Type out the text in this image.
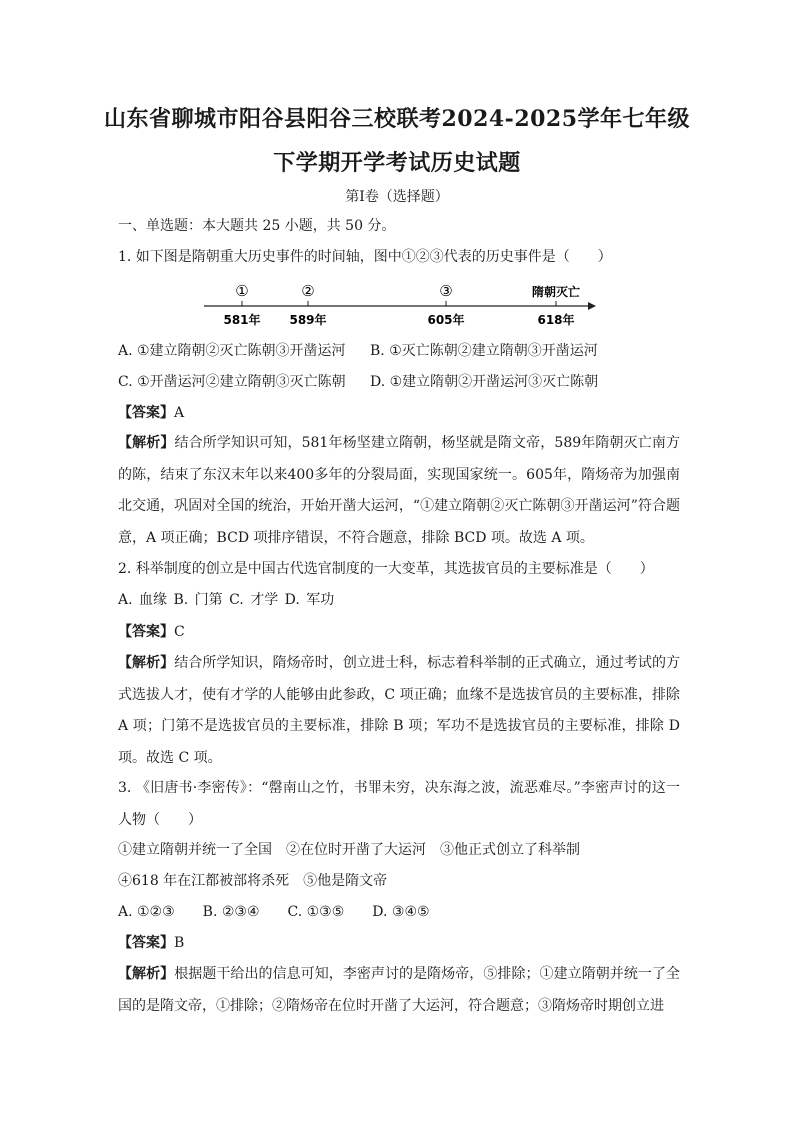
山东省聊城市阳谷县阳谷三校联考2024-2025学年七年级
下学期开学考试历史试题
第Ⅰ卷（选择题）
一、单选题：本大题共 25 小题，共 50 分。
1. 如下图是隋朝重大历史事件的时间轴，图中①②③代表的历史事件是（　　）
①	②	③	隋朝灭亡
581年 589年	605年	618年
A. ①建立隋朝②灭亡陈朝③开凿运河 B. ①灭亡陈朝②建立隋朝③开凿运河
C. ①开凿运河②建立隋朝③灭亡陈朝 D. ①建立隋朝②开凿运河③灭亡陈朝
【答案】A
【解析】结合所学知识可知，581年杨坚建立隋朝，杨坚就是隋文帝，589年隋朝灭亡南方的陈，结束了东汉末年以来400多年的分裂局面，实现国家统一。605年，隋炀帝为加强南北交通，巩固对全国的统治，开始开凿大运河，“①建立隋朝②灭亡陈朝③开凿运河”符合题意，A 项正确；BCD 项排序错误，不符合题意，排除 BCD 项。故选 A 项。
2. 科举制度的创立是中国古代选官制度的一大变革，其选拔官员的主要标准是（　　）
A. 血缘 B. 门第 C. 才学 D. 军功
【答案】C
【解析】结合所学知识，隋炀帝时，创立进士科，标志着科举制的正式确立，通过考试的方式选拔人才，使有才学的人能够由此参政，C 项正确；血缘不是选拔官员的主要标准，排除 A 项；门第不是选拔官员的主要标准，排除 B 项；军功不是选拔官员的主要标准，排除 D 项。故选 C 项。
3. 《旧唐书·李密传》：“罄南山之竹，书罪未穷，决东海之波，流恶难尽。”李密声讨的这一人物（　　）
①建立隋朝并统一了全国　②在位时开凿了大运河　③他正式创立了科举制
④618 年在江都被部将杀死　⑤他是隋文帝
A. ①②③　　B. ②③④　　C. ①③⑤　　D. ③④⑤
【答案】B
【解析】根据题干给出的信息可知，李密声讨的是隋炀帝，⑤排除；①建立隋朝并统一了全国的是隋文帝，①排除；②隋炀帝在位时开凿了大运河，符合题意；③隋炀帝时期创立进
